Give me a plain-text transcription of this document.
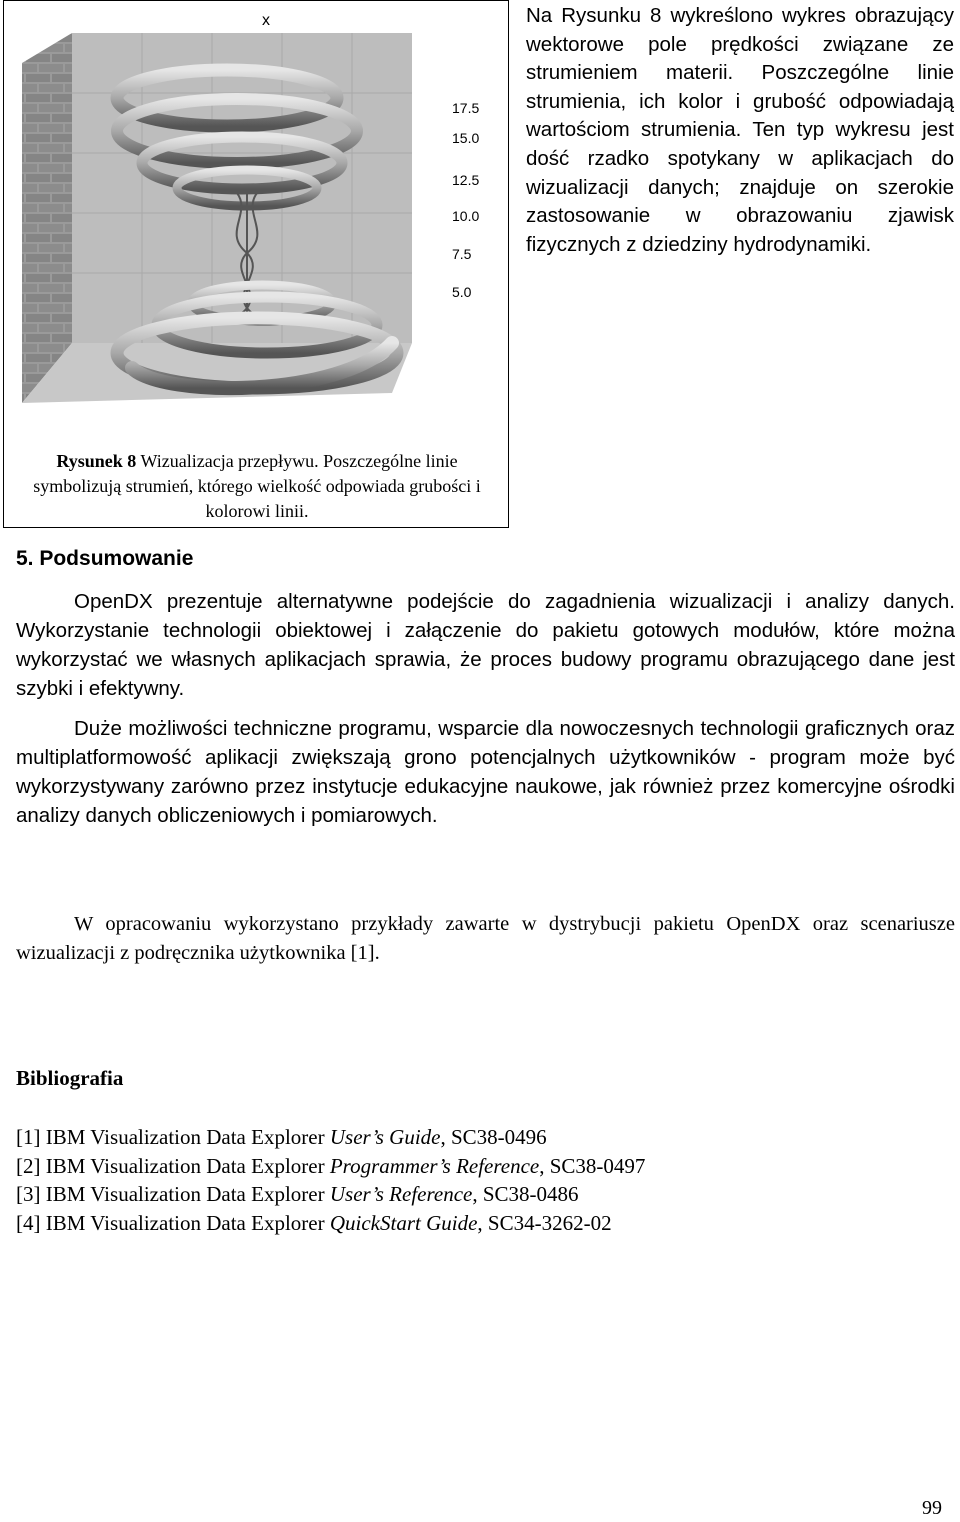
x
17.5
15.0
12.5
10.0
7.5
5.0
Rysunek 8 Wizualizacja przepływu. Poszczególne linie symbolizują strumień, którego wielkość odpowiada grubości i kolorowi linii.
Na Rysunku 8 wykreślono wykres obrazujący wektorowe pole prędkości związane ze strumieniem materii. Poszczególne linie strumienia, ich kolor i grubość odpowiadają wartościom strumienia. Ten typ wykresu jest dość rzadko spotykany w aplikacjach do wizualizacji danych; znajduje on szerokie zastosowanie w obrazowaniu zjawisk fizycznych z dziedziny hydrodynamiki.
5. Podsumowanie
OpenDX prezentuje alternatywne podejście do zagadnienia wizualizacji i analizy danych. Wykorzystanie technologii obiektowej i załączenie do pakietu gotowych modułów, które można wykorzystać we własnych aplikacjach sprawia, że proces budowy programu obrazującego dane jest szybki i efektywny.
Duże możliwości techniczne programu, wsparcie dla nowoczesnych technologii graficznych oraz multiplatformowość aplikacji zwiększają grono potencjalnych użytkowników - program może być wykorzystywany zarówno przez instytucje edukacyjne naukowe, jak również przez komercyjne ośrodki analizy danych obliczeniowych i pomiarowych.
W opracowaniu wykorzystano przykłady zawarte w dystrybucji pakietu OpenDX oraz scenariusze wizualizacji z podręcznika użytkownika [1].
Bibliografia
[1] IBM Visualization Data Explorer User’s Guide, SC38-0496
[2] IBM Visualization Data Explorer Programmer’s Reference, SC38-0497
[3] IBM Visualization Data Explorer User’s Reference, SC38-0486
[4] IBM Visualization Data Explorer QuickStart Guide, SC34-3262-02
99
